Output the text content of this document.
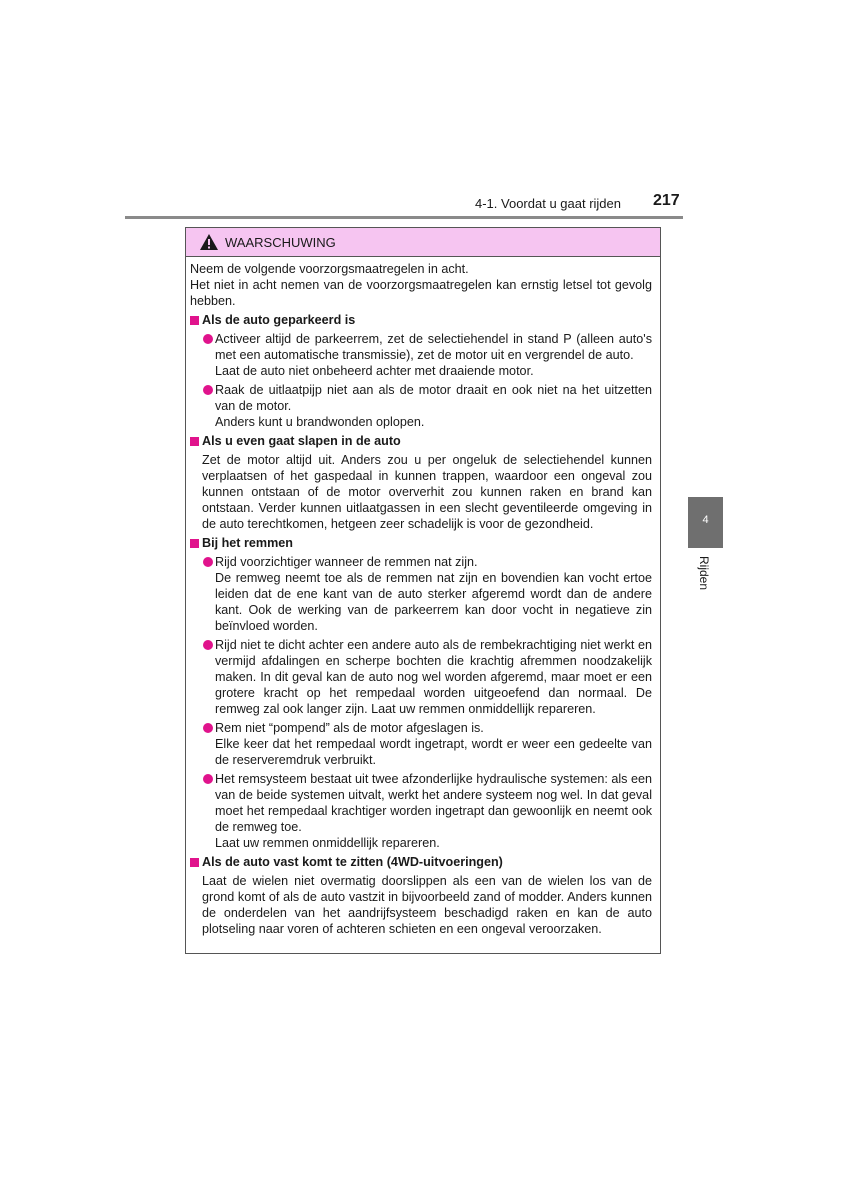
4-1. Voordat u gaat rijden 217
4
Rijden
WAARSCHUWING
Neem de volgende voorzorgsmaatregelen in acht.
Het niet in acht nemen van de voorzorgsmaatregelen kan ernstig letsel tot gevolg hebben.
Als de auto geparkeerd is
Activeer altijd de parkeerrem, zet de selectiehendel in stand P (alleen auto's met een automatische transmissie), zet de motor uit en vergrendel de auto.
Laat de auto niet onbeheerd achter met draaiende motor.
Raak de uitlaatpijp niet aan als de motor draait en ook niet na het uitzetten van de motor.
Anders kunt u brandwonden oplopen.
Als u even gaat slapen in de auto
Zet de motor altijd uit. Anders zou u per ongeluk de selectiehendel kunnen verplaatsen of het gaspedaal in kunnen trappen, waardoor een ongeval zou kunnen ontstaan of de motor oververhit zou kunnen raken en brand kan ontstaan. Verder kunnen uitlaatgassen in een slecht geventileerde omgeving in de auto terechtkomen, hetgeen zeer schadelijk is voor de gezondheid.
Bij het remmen
Rijd voorzichtiger wanneer de remmen nat zijn.
De remweg neemt toe als de remmen nat zijn en bovendien kan vocht ertoe leiden dat de ene kant van de auto sterker afgeremd wordt dan de andere kant. Ook de werking van de parkeerrem kan door vocht in negatieve zin beïnvloed worden.
Rijd niet te dicht achter een andere auto als de rembekrachtiging niet werkt en vermijd afdalingen en scherpe bochten die krachtig afremmen noodzakelijk maken. In dit geval kan de auto nog wel worden afgeremd, maar moet er een grotere kracht op het rempedaal worden uitgeoefend dan normaal. De remweg zal ook langer zijn. Laat uw remmen onmiddellijk repareren.
Rem niet “pompend” als de motor afgeslagen is.
Elke keer dat het rempedaal wordt ingetrapt, wordt er weer een gedeelte van de reserveremdruk verbruikt.
Het remsysteem bestaat uit twee afzonderlijke hydraulische systemen: als een van de beide systemen uitvalt, werkt het andere systeem nog wel. In dat geval moet het rempedaal krachtiger worden ingetrapt dan gewoonlijk en neemt ook de remweg toe.
Laat uw remmen onmiddellijk repareren.
Als de auto vast komt te zitten (4WD-uitvoeringen)
Laat de wielen niet overmatig doorslippen als een van de wielen los van de grond komt of als de auto vastzit in bijvoorbeeld zand of modder. Anders kunnen de onderdelen van het aandrijfsysteem beschadigd raken en kan de auto plotseling naar voren of achteren schieten en een ongeval veroorzaken.
